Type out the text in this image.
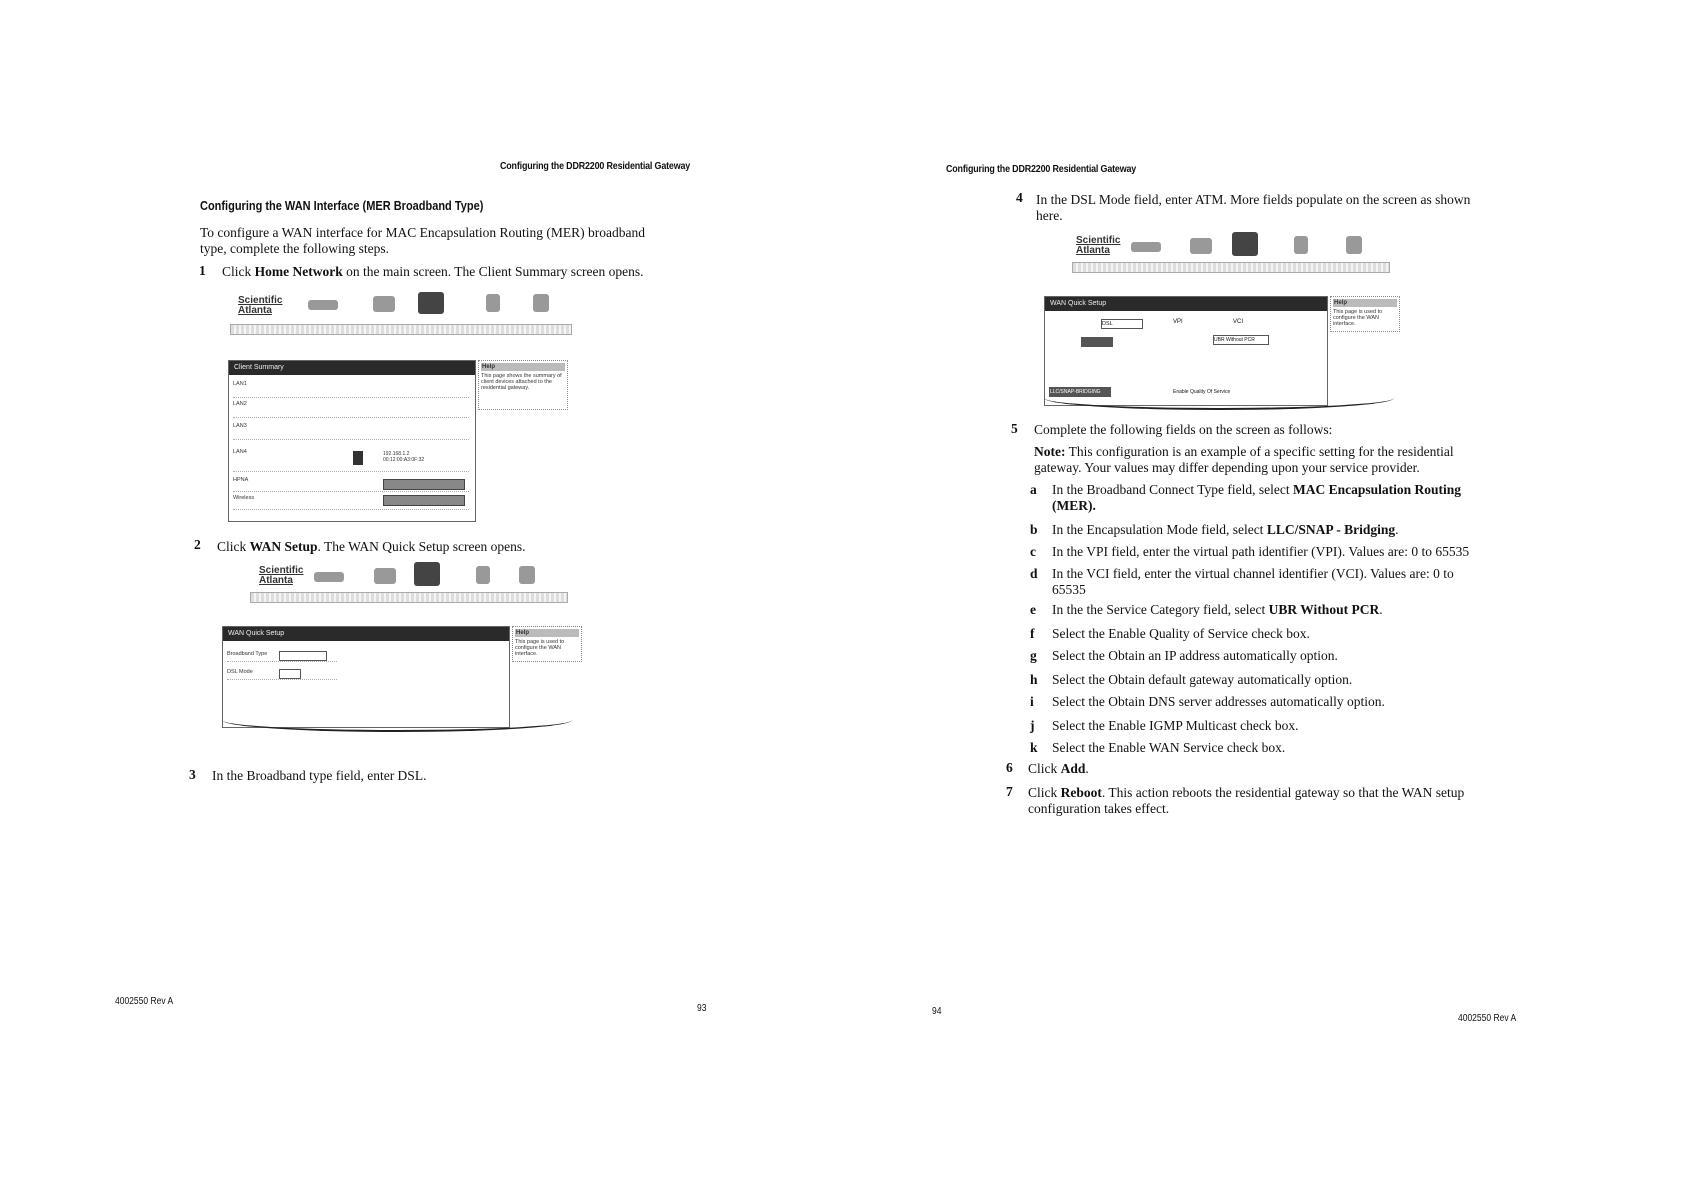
Configuring the DDR2200 Residential Gateway
Configuring the WAN Interface (MER Broadband Type)
To configure a WAN interface for MAC Encapsulation Routing (MER) broadband
type, complete the following steps.
1 Click Home Network on the main screen. The Client Summary screen opens.
Scientific
Atlanta
Client Summary
LAN1
LAN2
LAN3
LAN4	192.168.1.2
00:12:00:A3:0F:32
HPNA
Wireless
Help
This page shows the summary of client devices attached to the residential gateway.
2 Click WAN Setup. The WAN Quick Setup screen opens.
Scientific
Atlanta
WAN Quick Setup
Broadband Type
DSL Mode
Help
This page is used to configure the WAN interface.
3 In the Broadband type field, enter DSL.
4002550 Rev A
93
Configuring the DDR2200 Residential Gateway
4 In the DSL Mode field, enter ATM. More fields populate on the screen as shown
here.
Scientific
Atlanta
WAN Quick Setup
DSL	VPI	VCI
UBR Without PCR
LLC/SNAP-BRIDGING	Enable Quality Of Service
Help
This page is used to configure the WAN interface.
5 Complete the following fields on the screen as follows:
Note: This configuration is an example of a specific setting for the residential
gateway. Your values may differ depending upon your service provider.
a In the Broadband Connect Type field, select MAC Encapsulation Routing
(MER).
b In the Encapsulation Mode field, select LLC/SNAP - Bridging.
c In the VPI field, enter the virtual path identifier (VPI). Values are: 0 to 65535
d In the VCI field, enter the virtual channel identifier (VCI). Values are: 0 to
65535
e In the the Service Category field, select UBR Without PCR.
f Select the Enable Quality of Service check box.
g Select the Obtain an IP address automatically option.
h Select the Obtain default gateway automatically option.
i Select the Obtain DNS server addresses automatically option.
j Select the Enable IGMP Multicast check box.
k Select the Enable WAN Service check box.
6 Click Add.
7 Click Reboot. This action reboots the residential gateway so that the WAN setup
configuration takes effect.
94
4002550 Rev A
